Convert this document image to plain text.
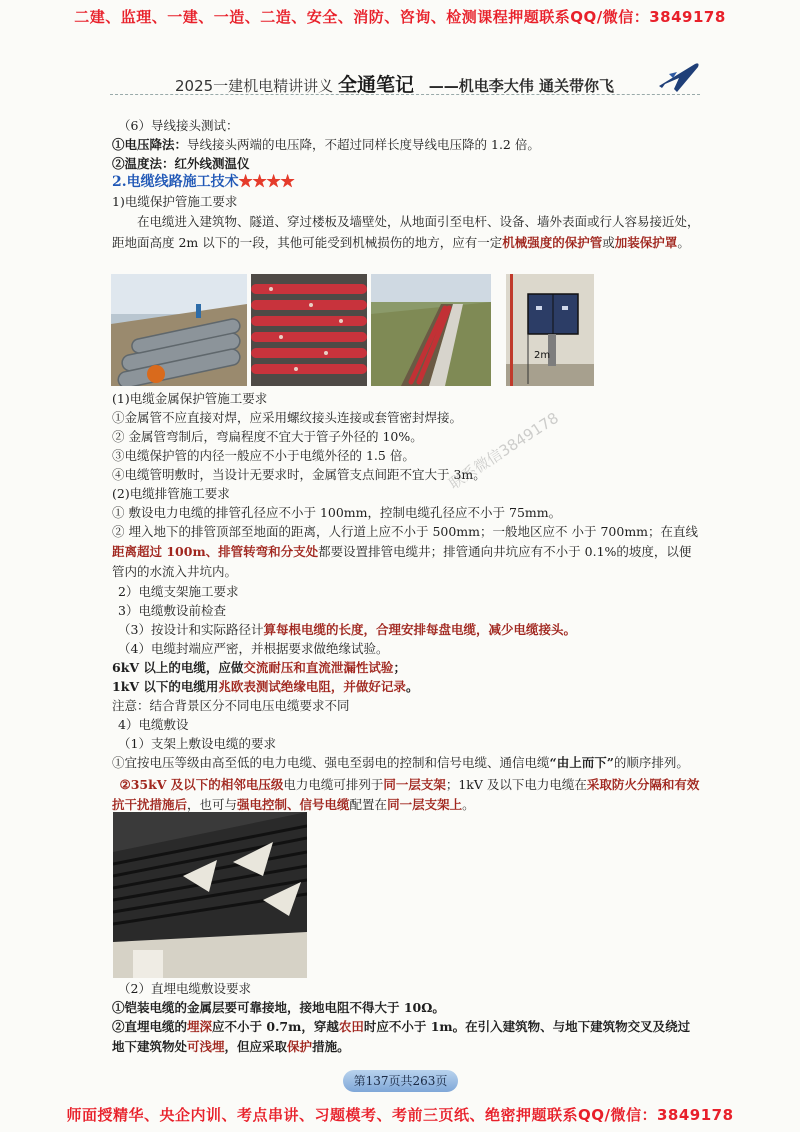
二建、监理、一建、一造、二造、安全、消防、咨询、检测课程押题联系QQ/微信：3849178
2025一建机电精讲讲义 全通笔记 ——机电李大伟 通关带你飞
（6）导线接头测试：
①电压降法：导线接头两端的电压降，不超过同样长度导线电压降的 1.2 倍。
②温度法：红外线测温仪
2.电缆线路施工技术★★★★
1)电缆保护管施工要求
在电缆进入建筑物、隧道、穿过楼板及墙壁处，从地面引至电杆、设备、墙外表面或行人容易接近处，距地面高度 2m 以下的一段，其他可能受到机械损伤的地方，应有一定机械强度的保护管或加装保护罩。
2m
(1)电缆金属保护管施工要求
①金属管不应直接对焊，应采用螺纹接头连接或套管密封焊接。
② 金属管弯制后，弯扁程度不宜大于管子外径的 10%。
③电缆保护管的内径一般应不小于电缆外径的 1.5 倍。
④电缆管明敷时，当设计无要求时，金属管支点间距不宜大于 3m。
(2)电缆排管施工要求
① 敷设电力电缆的排管孔径应不小于 100mm，控制电缆孔径应不小于 75mm。
② 埋入地下的排管顶部至地面的距离，人行道上应不小于 500mm；一般地区应不 小于 700mm；在直线距离超过 100m、排管转弯和分支处都要设置排管电缆井；排管通向井坑应有不小于 0.1%的坡度，以便管内的水流入井坑内。
2）电缆支架施工要求
3）电缆敷设前检查
（3）按设计和实际路径计算每根电缆的长度，合理安排每盘电缆，减少电缆接头。
（4）电缆封端应严密，并根据要求做绝缘试验。
6kV 以上的电缆，应做交流耐压和直流泄漏性试验；
1kV 以下的电缆用兆欧表测试绝缘电阻，并做好记录。
注意：结合背景区分不同电压电缆要求不同
4）电缆敷设
（1）支架上敷设电缆的要求
①宜按电压等级由高至低的电力电缆、强电至弱电的控制和信号电缆、通信电缆“由上而下”的顺序排列。
②35kV 及以下的相邻电压级电力电缆可排列于同一层支架；1kV 及以下电力电缆在采取防火分隔和有效抗干扰措施后，也可与强电控制、信号电缆配置在同一层支架上。
（2）直埋电缆敷设要求
①铠装电缆的金属层要可靠接地，接地电阻不得大于 10Ω。
②直埋电缆的埋深应不小于 0.7m，穿越农田时应不小于 1m。在引入建筑物、与地下建筑物交叉及绕过地下建筑物处可浅埋，但应采取保护措施。
联系微信3849178
第137页共263页
师面授精华、央企内训、考点串讲、习题模考、考前三页纸、绝密押题联系QQ/微信：3849178
